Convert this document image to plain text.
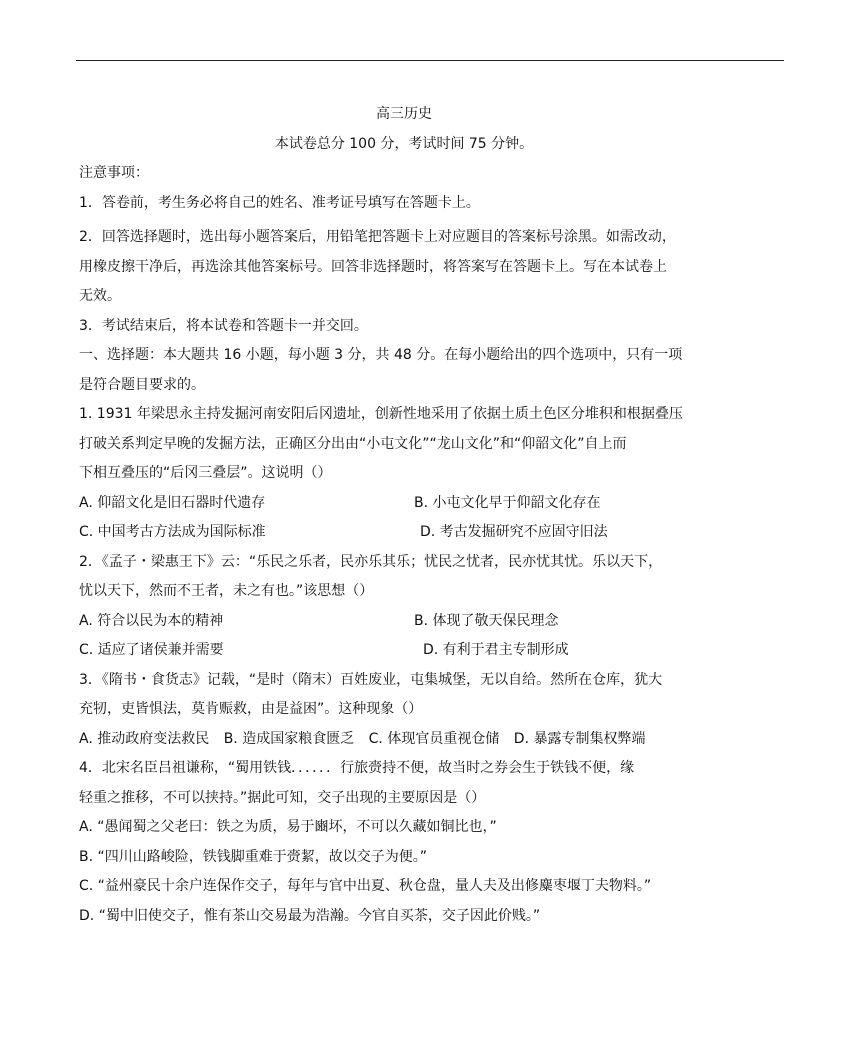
高三历史
本试卷总分 100 分，考试时间 75 分钟。
注意事项：
1．答卷前，考生务必将自己的姓名、准考证号填写在答题卡上。
2．回答选择题时，选出每小题答案后，用铅笔把答题卡上对应题目的答案标号涂黑。如需改动，
用橡皮擦干净后，再选涂其他答案标号。回答非选择题时，将答案写在答题卡上。写在本试卷上
无效。
3．考试结束后，将本试卷和答题卡一并交回。
一、选择题：本大题共 16 小题，每小题 3 分，共 48 分。在每小题给出的四个选项中，只有一项
是符合题目要求的。
1. 1931 年梁思永主持发掘河南安阳后冈遗址，创新性地采用了依据土质土色区分堆积和根据叠压
打破关系判定早晚的发掘方法，正确区分出由“小屯文化”“龙山文化”和“仰韶文化”自上而
下相互叠压的“后冈三叠层”。这说明（）
A. 仰韶文化是旧石器时代遗存	B. 小屯文化早于仰韶文化存在
C. 中国考古方法成为国际标准	D. 考古发掘研究不应固守旧法
2．《孟子・梁惠王下》云：“乐民之乐者，民亦乐其乐；忧民之忧者，民亦忧其忧。乐以天下，
忧以天下，然而不王者，未之有也。”该思想（）
A. 符合以民为本的精神	B. 体现了敬天保民理念
C. 适应了诸侯兼并需要	D. 有利于君主专制形成
3．《隋书・食货志》记载，“是时（隋末）百姓废业，屯集城堡，无以自给。然所在仓库，犹大
充牣，吏皆惧法，莫肯赈救，由是益困”。这种现象（）
A. 推动政府变法救民 B. 造成国家粮食匮乏 C. 体现官员重视仓储 D. 暴露专制集权弊端
4．北宋名臣吕祖谦称，“蜀用铁钱．．．．．．行旅赍持不便，故当时之券会生于铁钱不便，缘
轻重之推移，不可以挟持。”据此可知，交子出现的主要原因是（）
A. “愚闻蜀之父老曰：铁之为质，易于豳坏，不可以久藏如铜比也，”
B. “四川山路峻险，铁钱脚重难于赍絜，故以交子为便。”
C. “益州豪民十余户连保作交子，每年与官中出夏、秋仓盘，量人夫及出修麋枣堰丁夫物料。”
D. “蜀中旧使交子，惟有茶山交易最为浩瀚。今官自买茶，交子因此价贱。”
